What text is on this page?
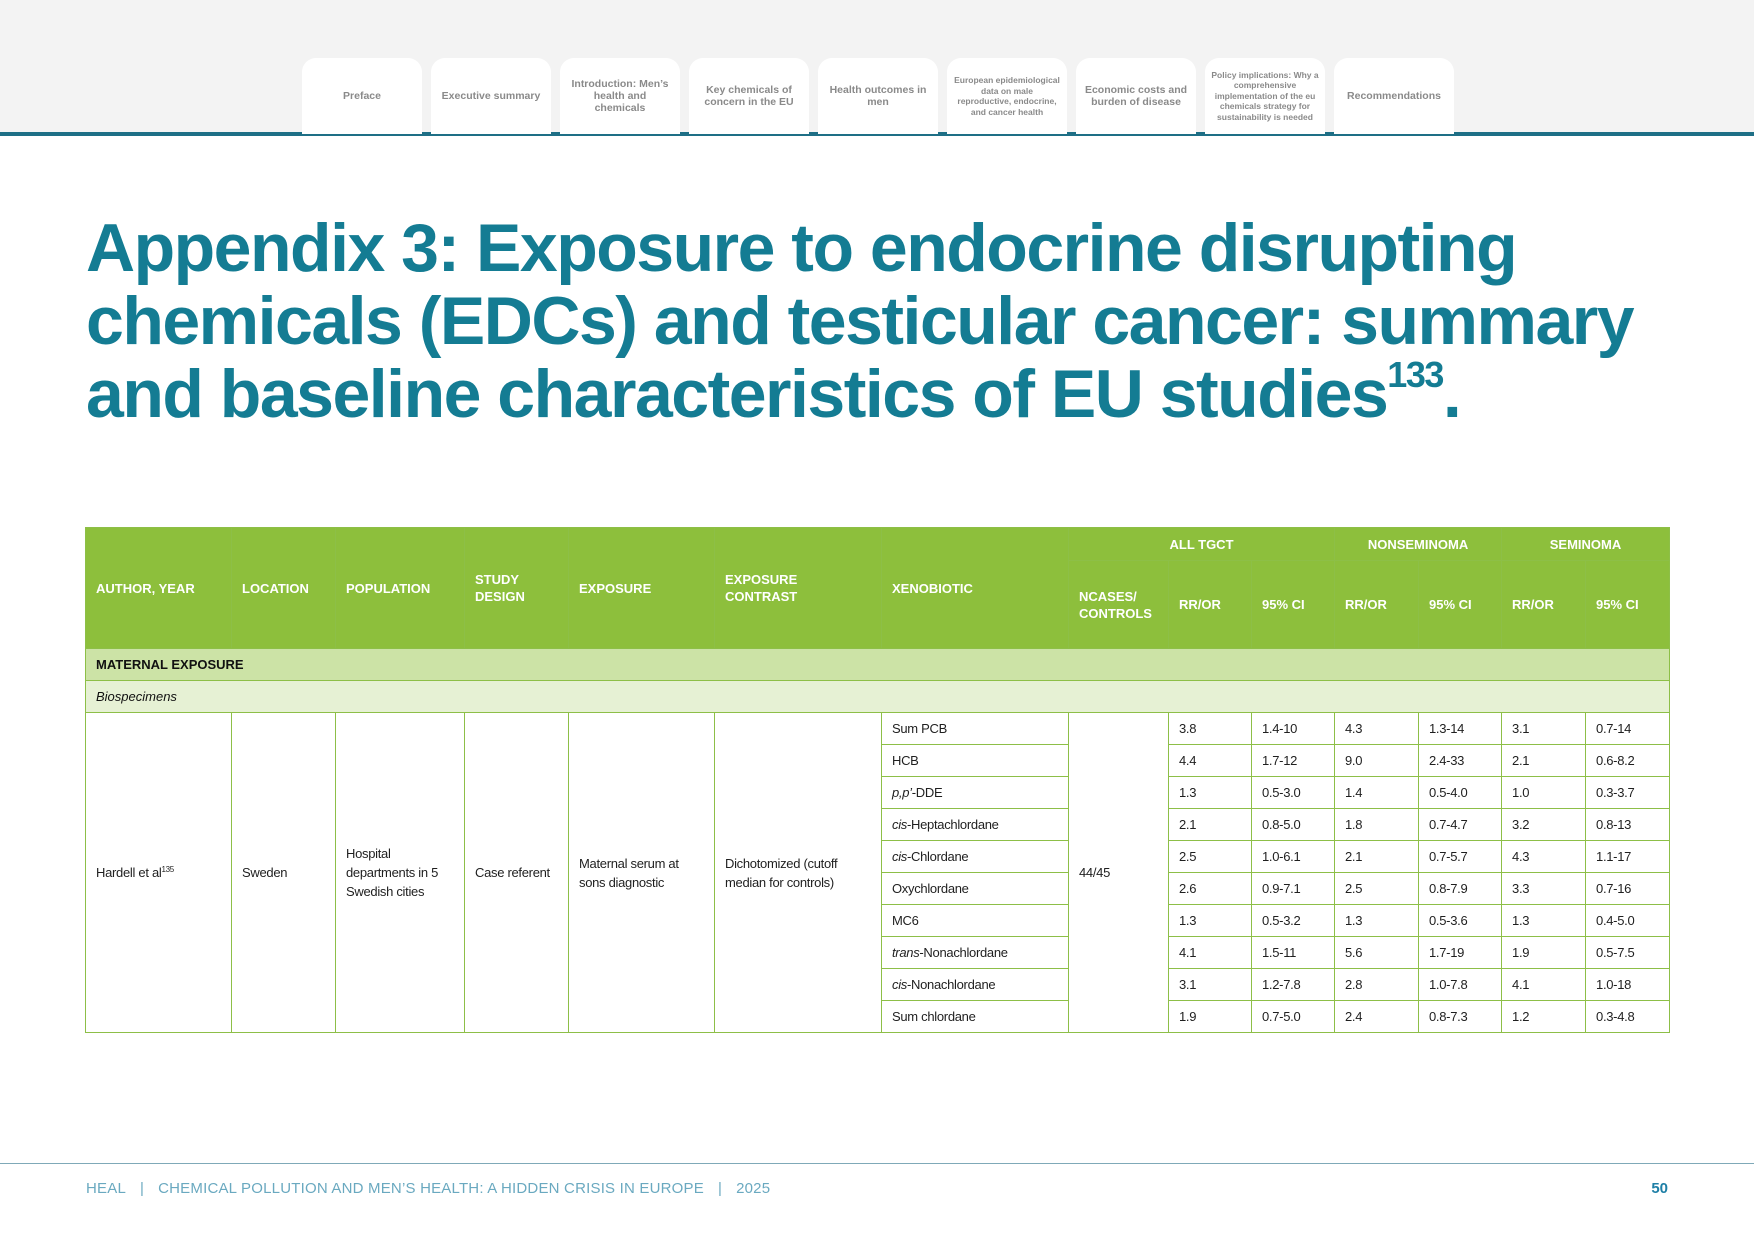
Preface	Executive summary
Introduction: Men’s health and chemicals
Key chemicals of concern in the EU
Health outcomes in men
European epidemiological data on male reproductive, endocrine, and cancer health
Economic costs and burden of disease
Policy implications: Why a comprehensive implementation of the eu chemicals strategy for sustainability is needed
Recommendations
Appendix 3: Exposure to endocrine disrupting chemicals (EDCs) and testicular cancer: summary and baseline characteristics of EU studies$^{133}$.
AUTHOR, YEAR	LOCATION	POPULATION	STUDY DESIGN	EXPOSURE	EXPOSURE CONTRAST	XENOBIOTIC	ALL TGCT			NONSEMINOMA		SEMINOMA	
							NCASES/ CONTROLS	RR/OR	95% CI	RR/OR	95% CI	RR/OR	95% CI
MATERNAL EXPOSURE													
Biospecimens													
Hardell et al$^{135}$	Sweden	Hospital departments in 5 Swedish cities	Case referent	Maternal serum at sons diagnostic	Dichotomized (cutoff median for controls)	Sum PCB	44/45	3.8	1.4-10	4.3	1.3-14	3.1	0.7-14
						HCB		4.4	1.7-12	9.0	2.4-33	2.1	0.6-8.2
						p,p’-DDE		1.3	0.5-3.0	1.4	0.5-4.0	1.0	0.3-3.7
						cis-Heptachlordane		2.1	0.8-5.0	1.8	0.7-4.7	3.2	0.8-13
						cis-Chlordane		2.5	1.0-6.1	2.1	0.7-5.7	4.3	1.1-17
						Oxychlordane		2.6	0.9-7.1	2.5	0.8-7.9	3.3	0.7-16
						MC6		1.3	0.5-3.2	1.3	0.5-3.6	1.3	0.4-5.0
						trans-Nonachlordane		4.1	1.5-11	5.6	1.7-19	1.9	0.5-7.5
						cis-Nonachlordane		3.1	1.2-7.8	2.8	1.0-7.8	4.1	1.0-18
						Sum chlordane		1.9	0.7-5.0	2.4	0.8-7.3	1.2	0.3-4.8
HEAL | CHEMICAL POLLUTION AND MEN’S HEALTH: A HIDDEN CRISIS IN EUROPE | 2025	50
